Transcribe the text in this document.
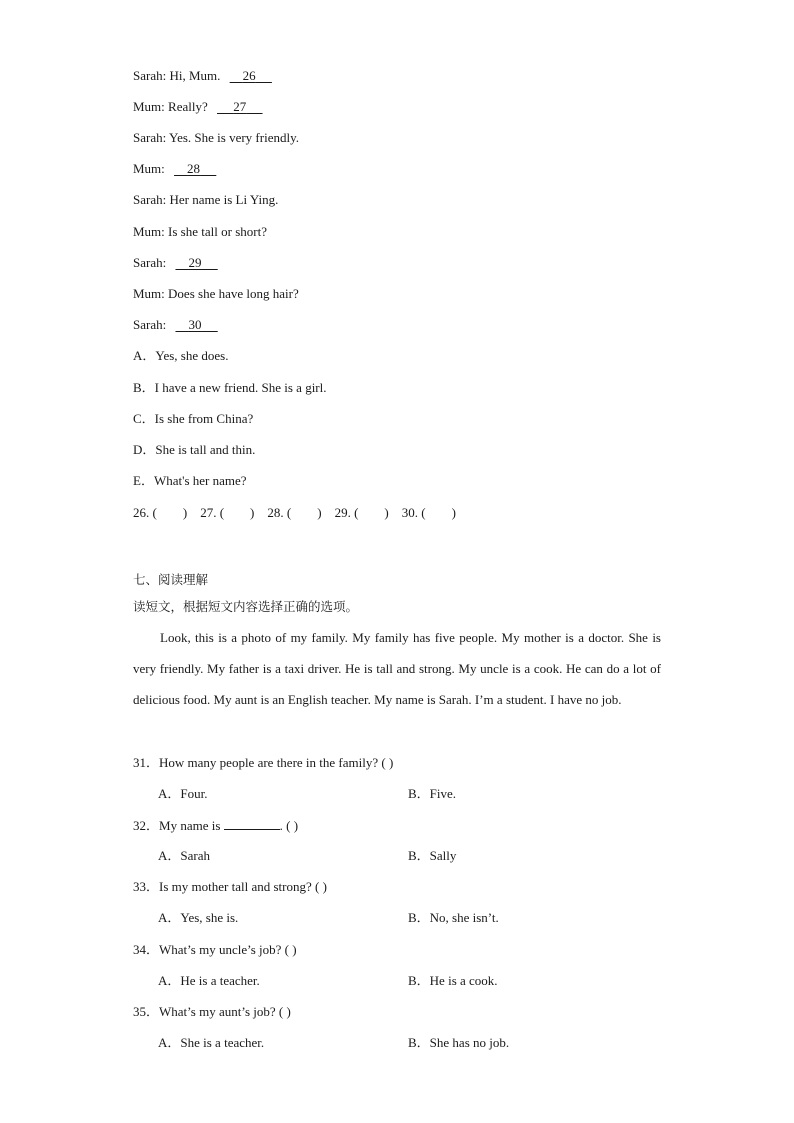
Sarah: Hi, Mum. 26
Mum: Really? 27
Sarah: Yes. She is very friendly.
Mum: 28
Sarah: Her name is Li Ying.
Mum: Is she tall or short?
Sarah: 29
Mum: Does she have long hair?
Sarah: 30
A．Yes, she does.
B．I have a new friend. She is a girl.
C．Is she from China?
D．She is tall and thin.
E．What's her name?
26. ( ) 27. ( ) 28. ( ) 29. ( ) 30. ( )
七、阅读理解
读短文，根据短文内容选择正确的选项。
Look, this is a photo of my family. My family has five people. My mother is a doctor. She is very friendly. My father is a taxi driver. He is tall and strong. My uncle is a cook. He can do a lot of delicious food. My aunt is an English teacher. My name is Sarah. I’m a student. I have no job.
31．How many people are there in the family? ( )
A．Four.	B．Five.
32．My name is	. ( )
A．Sarah	B．Sally
33．Is my mother tall and strong? ( )
A．Yes, she is.	B．No, she isn’t.
34．What’s my uncle’s job? ( )
A．He is a teacher.	B．He is a cook.
35．What’s my aunt’s job? ( )
A．She is a teacher.	B．She has no job.
